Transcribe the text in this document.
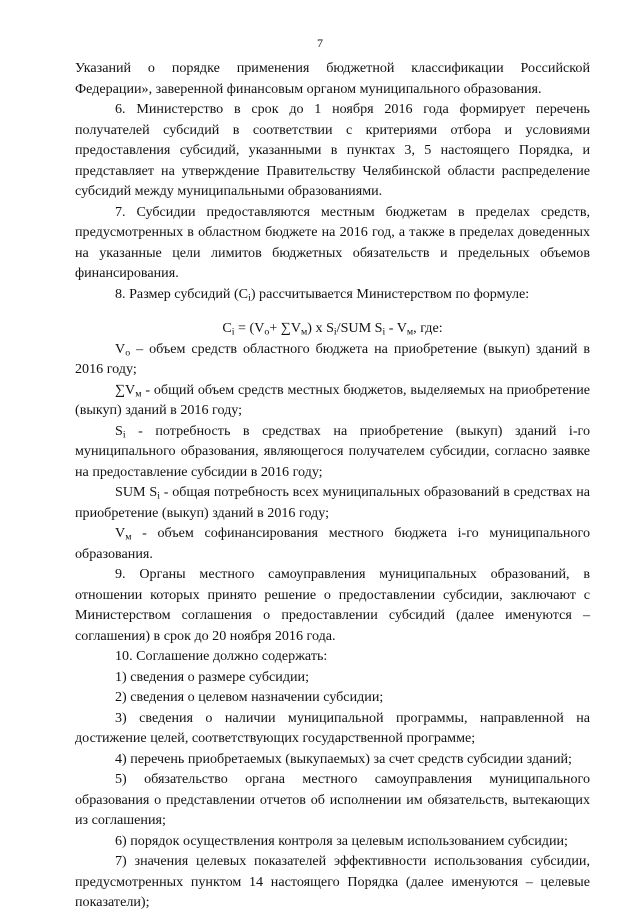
7

Указаний о порядке применения бюджетной классификации Российской Федерации», заверенной финансовым органом муниципального образования.

6. Министерство в срок до 1 ноября 2016 года формирует перечень получателей субсидий в соответствии с критериями отбора и условиями предоставления субсидий, указанными в пунктах 3, 5 настоящего Порядка, и представляет на утверждение Правительству Челябинской области распределение субсидий между муниципальными образованиями.

7. Субсидии предоставляются местным бюджетам в пределах средств, предусмотренных в областном бюджете на 2016 год, а также в пределах доведенных на указанные цели лимитов бюджетных обязательств и предельных объемов финансирования.

8. Размер субсидий $(C_i)$ рассчитывается Министерством по формуле:

$C_i = (V_o+ \sum V_м)$ x $S_i$/SUM $S_i - V_м$, где:

$V_o$ – объем средств областного бюджета на приобретение (выкуп) зданий в 2016 году;

$\sum V_м$ - общий объем средств местных бюджетов, выделяемых на приобретение (выкуп) зданий в 2016 году;

$S_i$ - потребность в средствах на приобретение (выкуп) зданий i-го муниципального образования, являющегося получателем субсидии, согласно заявке на предоставление субсидии в 2016 году;

SUM $S_i$ - общая потребность всех муниципальных образований в средствах на приобретение (выкуп) зданий в 2016 году;

$V_м$ - объем софинансирования местного бюджета i-го муниципального образования.

9. Органы местного самоуправления муниципальных образований, в отношении которых принято решение о предоставлении субсидии, заключают с Министерством соглашения о предоставлении субсидий (далее именуются – соглашения) в срок до 20 ноября 2016 года.

10. Соглашение должно содержать:

1) сведения о размере субсидии;

2) сведения о целевом назначении субсидии;

3) сведения о наличии муниципальной программы, направленной на достижение целей, соответствующих государственной программе;

4) перечень приобретаемых (выкупаемых) за счет средств субсидии зданий;

5) обязательство органа местного самоуправления муниципального образования о представлении отчетов об исполнении им обязательств, вытекающих из соглашения;

6) порядок осуществления контроля за целевым использованием субсидии;

7) значения целевых показателей эффективности использования субсидии, предусмотренных пунктом 14 настоящего Порядка (далее именуются – целевые показатели);
